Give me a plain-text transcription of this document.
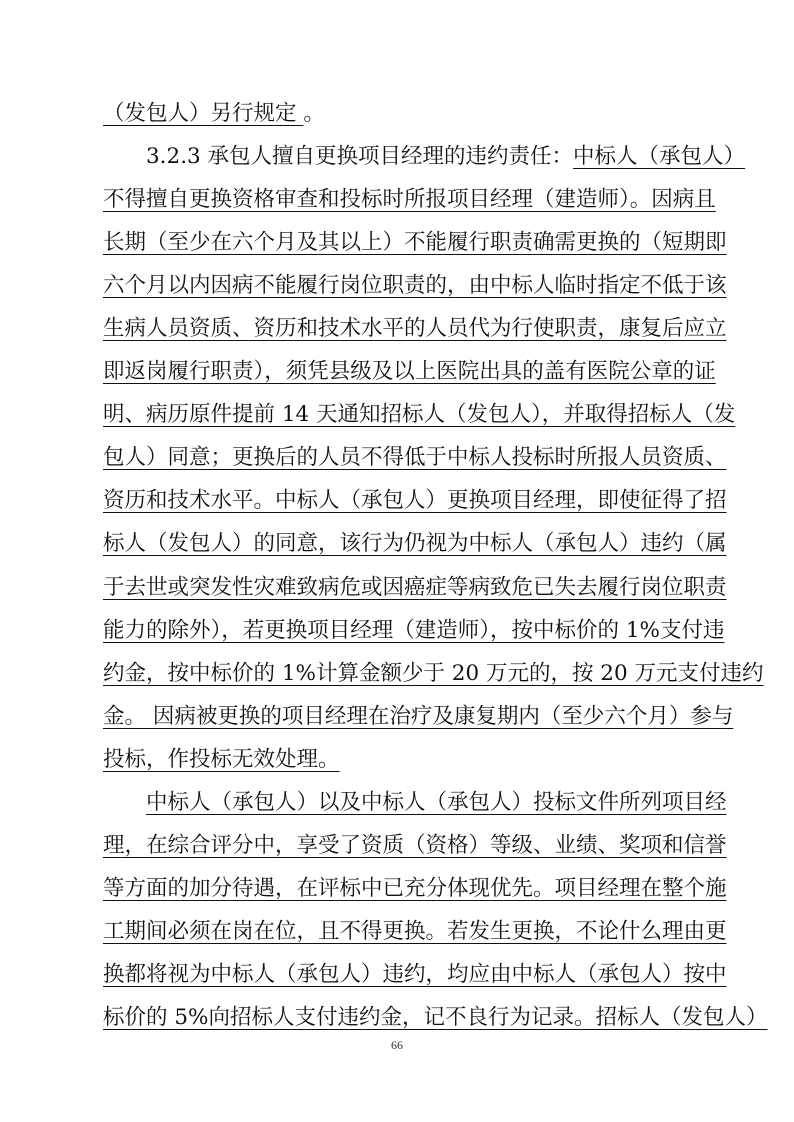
（发包人）另行规定 。
3.2.3 承包人擅自更换项目经理的违约责任：中标人（承包人）
不得擅自更换资格审查和投标时所报项目经理（建造师）。因病且
长期（至少在六个月及其以上）不能履行职责确需更换的（短期即
六个月以内因病不能履行岗位职责的，由中标人临时指定不低于该
生病人员资质、资历和技术水平的人员代为行使职责，康复后应立
即返岗履行职责），须凭县级及以上医院出具的盖有医院公章的证
明、病历原件提前 14 天通知招标人（发包人），并取得招标人（发
包人）同意；更换后的人员不得低于中标人投标时所报人员资质、
资历和技术水平。中标人（承包人）更换项目经理，即使征得了招
标人（发包人）的同意，该行为仍视为中标人（承包人）违约（属
于去世或突发性灾难致病危或因癌症等病致危已失去履行岗位职责
能力的除外），若更换项目经理（建造师），按中标价的 1%支付违
约金，按中标价的 1%计算金额少于 20 万元的，按 20 万元支付违约
金。 因病被更换的项目经理在治疗及康复期内（至少六个月）参与
投标，作投标无效处理。
中标人（承包人）以及中标人（承包人）投标文件所列项目经
理，在综合评分中，享受了资质（资格）等级、业绩、奖项和信誉
等方面的加分待遇，在评标中已充分体现优先。项目经理在整个施
工期间必须在岗在位，且不得更换。若发生更换，不论什么理由更
换都将视为中标人（承包人）违约，均应由中标人（承包人）按中
标价的 5%向招标人支付违约金，记不良行为记录。招标人（发包人）
66
